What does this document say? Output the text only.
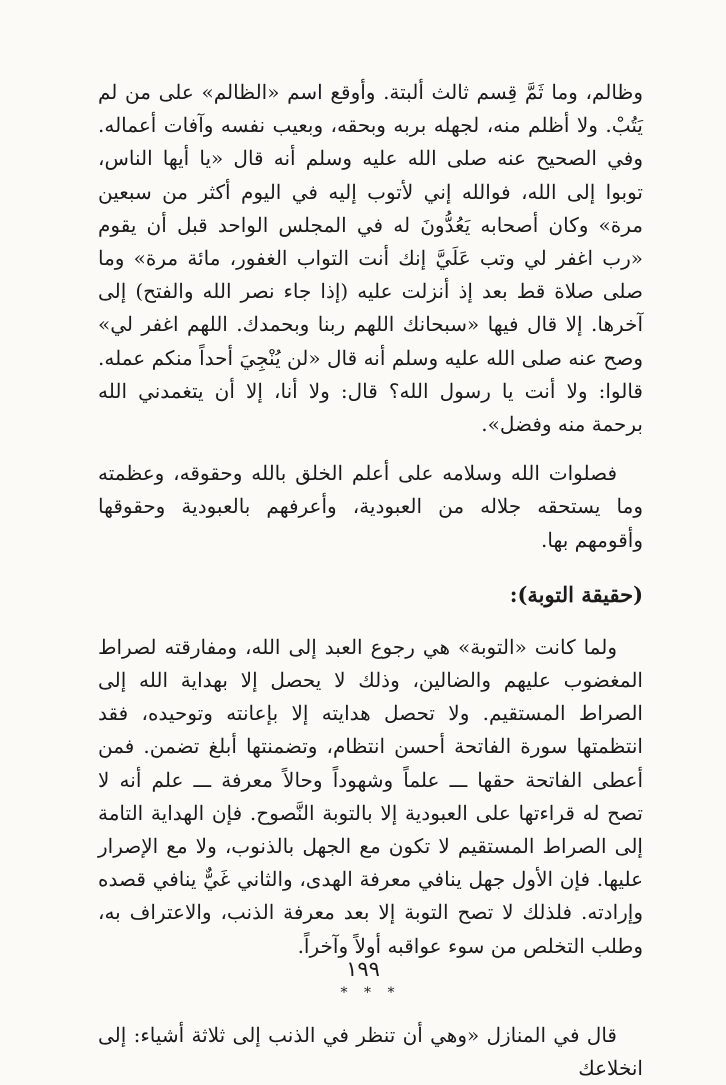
وظالم، وما ثَمَّ قِسم ثالث ألبتة. وأوقع اسم «الظالم» على من لم يَتُبْ. ولا أظلم منه، لجهله بربه وبحقه، وبعيب نفسه وآفات أعماله. وفي الصحيح عنه صلى الله عليه وسلم أنه قال «يا أيها الناس، توبوا إلى الله، فوالله إني لأتوب إليه في اليوم أكثر من سبعين مرة» وكان أصحابه يَعُدُّونَ له في المجلس الواحد قبل أن يقوم «رب اغفر لي وتب عَلَيَّ إنك أنت التواب الغفور، مائة مرة» وما صلى صلاة قط بعد إذ أنزلت عليه (إذا جاء نصر الله والفتح) إلى آخرها. إلا قال فيها «سبحانك اللهم ربنا وبحمدك. اللهم اغفر لي» وصح عنه صلى الله عليه وسلم أنه قال «لن يُنْجِيَ أحداً منكم عمله. قالوا: ولا أنت يا رسول الله؟ قال: ولا أنا، إلا أن يتغمدني الله برحمة منه وفضل».

فصلوات الله وسلامه على أعلم الخلق بالله وحقوقه، وعظمته وما يستحقه جلاله من العبودية، وأعرفهم بالعبودية وحقوقها وأقومهم بها.

(حقيقة التوبة):

ولما كانت «التوبة» هي رجوع العبد إلى الله، ومفارقته لصراط المغضوب عليهم والضالين، وذلك لا يحصل إلا بهداية الله إلى الصراط المستقيم. ولا تحصل هدايته إلا بإعانته وتوحيده، فقد انتظمتها سورة الفاتحة أحسن انتظام، وتضمنتها أبلغ تضمن. فمن أعطى الفاتحة حقها ـــ علماً وشهوداً وحالاً معرفة ـــ علم أنه لا تصح له قراءتها على العبودية إلا بالتوبة النَّصوح. فإن الهداية التامة إلى الصراط المستقيم لا تكون مع الجهل بالذنوب، ولا مع الإصرار عليها. فإن الأول جهل ينافي معرفة الهدى، والثاني غَيٌّ ينافي قصده وإرادته. فلذلك لا تصح التوبة إلا بعد معرفة الذنب، والاعتراف به، وطلب التخلص من سوء عواقبه أولاً وآخراً.

* * *

قال في المنازل «وهي أن تنظر في الذنب إلى ثلاثة أشياء: إلى انخلاعك

١٩٩
